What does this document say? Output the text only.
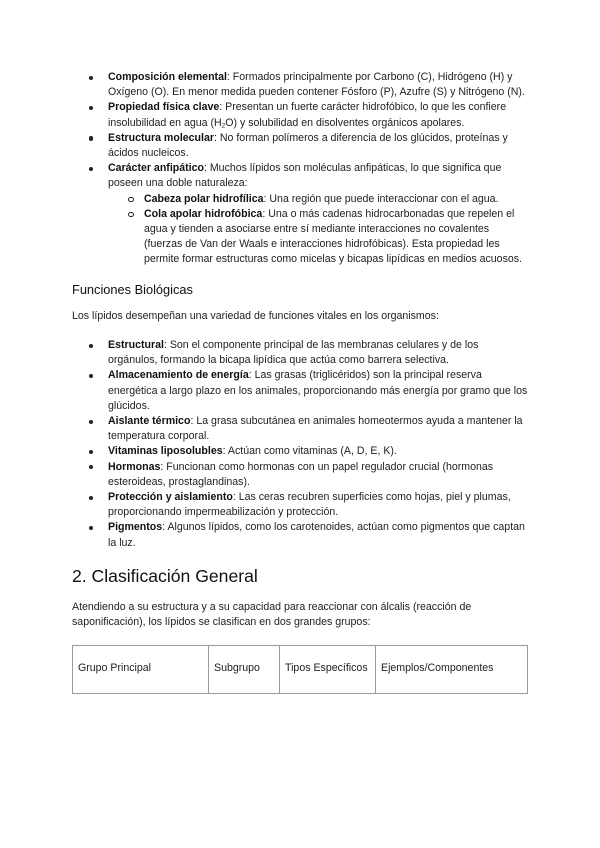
Composición elemental: Formados principalmente por Carbono (C), Hidrógeno (H) y Oxígeno (O). En menor medida pueden contener Fósforo (P), Azufre (S) y Nitrógeno (N).
Propiedad física clave: Presentan un fuerte carácter hidrofóbico, lo que les confiere insolubilidad en agua $(H_2O)$ y solubilidad en disolventes orgánicos apolares.
Estructura molecular: No forman polímeros a diferencia de los glúcidos, proteínas y ácidos nucleicos.
Carácter anfipático: Muchos lípidos son moléculas anfipáticas, lo que significa que poseen una doble naturaleza:
Cabeza polar hidrofílica: Una región que puede interaccionar con el agua.
Cola apolar hidrofóbica: Una o más cadenas hidrocarbonadas que repelen el agua y tienden a asociarse entre sí mediante interacciones no covalentes (fuerzas de Van der Waals e interacciones hidrofóbicas). Esta propiedad les permite formar estructuras como micelas y bicapas lipídicas en medios acuosos.
Funciones Biológicas

Los lípidos desempeñan una variedad de funciones vitales en los organismos:

Estructural: Son el componente principal de las membranas celulares y de los orgánulos, formando la bicapa lipídica que actúa como barrera selectiva.
Almacenamiento de energía: Las grasas (triglicéridos) son la principal reserva energética a largo plazo en los animales, proporcionando más energía por gramo que los glúcidos.
Aislante térmico: La grasa subcutánea en animales homeotermos ayuda a mantener la temperatura corporal.
Vitaminas liposolubles: Actúan como vitaminas (A, D, E, K).
Hormonas: Funcionan como hormonas con un papel regulador crucial (hormonas esteroideas, prostaglandinas).
Protección y aislamiento: Las ceras recubren superficies como hojas, piel y plumas, proporcionando impermeabilización y protección.
Pigmentos: Algunos lípidos, como los carotenoides, actúan como pigmentos que captan la luz.
2. Clasificación General

Atendiendo a su estructura y a su capacidad para reaccionar con álcalis (reacción de saponificación), los lípidos se clasifican en dos grandes grupos:

Grupo Principal	Subgrupo	Tipos Específicos	Ejemplos/Componentes
